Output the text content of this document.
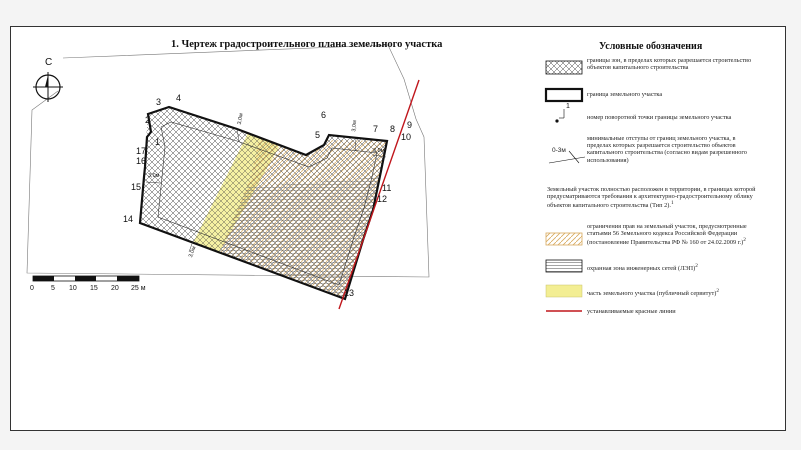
1. Чертеж градостроительного плана земельного участка
С
1
2
3 4
5
6
7 8 9
10
11
12
13
14
15
16
17
3,0м
3,0м
3,0м
3,0м
3,0м
0 5 10 15 20 25 м
Условные обозначения
границы зон, в пределах которых разрешается строительство объектов капитального строительства
граница земельного участка
1
номер поворотной точки границы земельного участка
0-3м
минимальные отступы от границ земельного участка, в пределах которых разрешается строительство объектов капитального строительства (согласно видам разрешенного использования)
Земельный участок полностью расположен в территории, в границах которой предусматриваются требования к архитектурно-градостроительному облику объектов капитального строительства (Тип 2).$^1$
ограничения прав на земельный участок, предусмотренные статьями 56 Земельного кодекса Российской Федерации (постановление Правительства РФ № 160 от 24.02.2009 г.)$^2$
охранная зона инженерных сетей (ЛЭП)$^2$
часть земельного участка (публичный сервитут)$^2$
устанавливаемые красные линии
